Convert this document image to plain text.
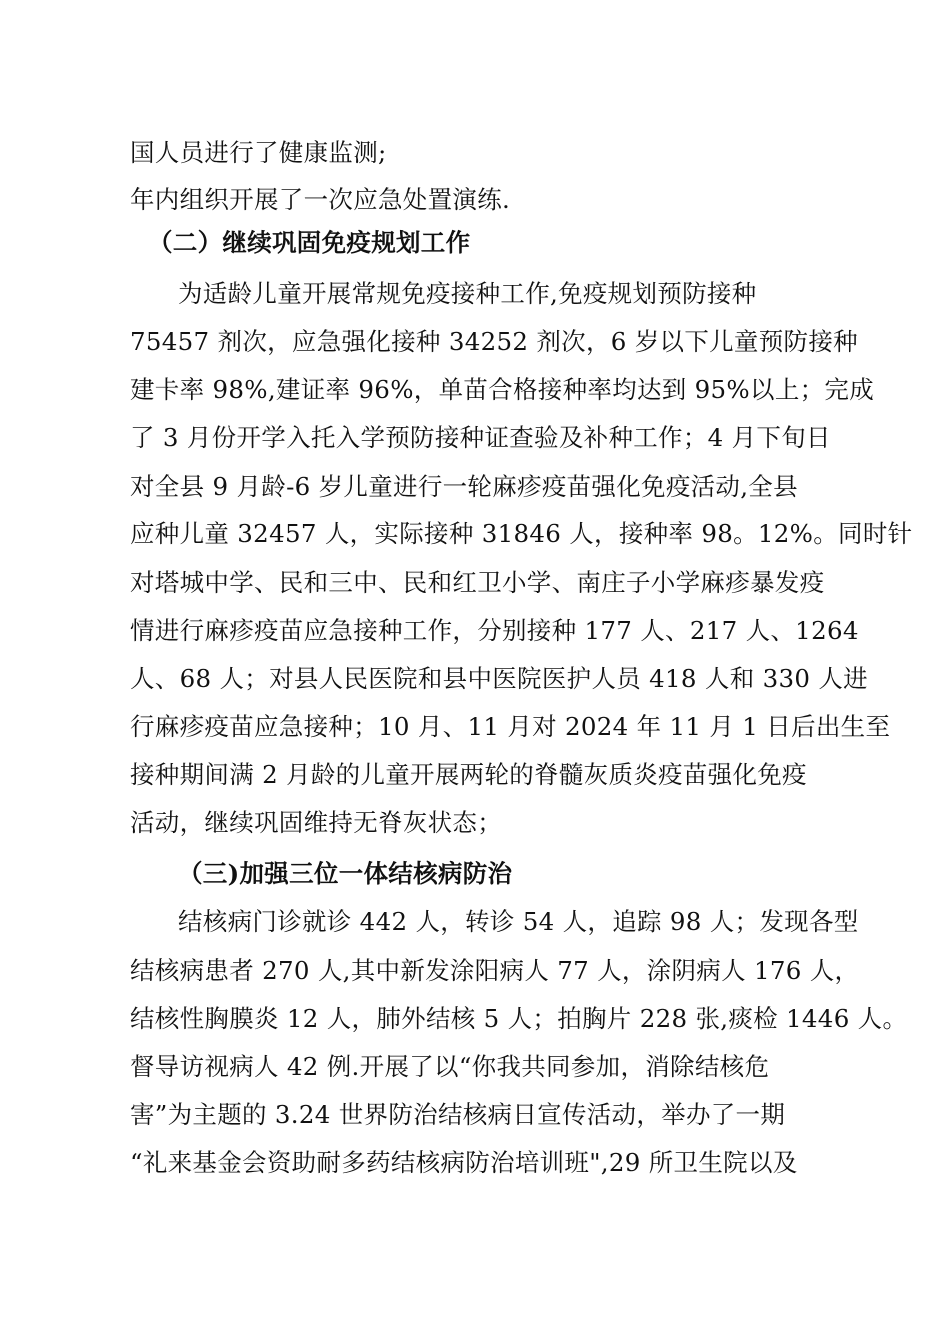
国人员进行了健康监测;
年内组织开展了一次应急处置演练.
（二）继续巩固免疫规划工作
为适龄儿童开展常规免疫接种工作,免疫规划预防接种
75457 剂次，应急强化接种 34252 剂次，6 岁以下儿童预防接种
建卡率 98%,建证率 96%，单苗合格接种率均达到 95%以上；完成
了 3 月份开学入托入学预防接种证查验及补种工作；4 月下旬日
对全县 9 月龄-6 岁儿童进行一轮麻疹疫苗强化免疫活动,全县
应种儿童 32457 人，实际接种 31846 人，接种率 98。12%。同时针
对塔城中学、民和三中、民和红卫小学、南庄子小学麻疹暴发疫
情进行麻疹疫苗应急接种工作，分别接种 177 人、217 人、1264
人、68 人；对县人民医院和县中医院医护人员 418 人和 330 人进
行麻疹疫苗应急接种；10 月、11 月对 2024 年 11 月 1 日后出生至
接种期间满 2 月龄的儿童开展两轮的脊髓灰质炎疫苗强化免疫
活动，继续巩固维持无脊灰状态；
（三)加强三位一体结核病防治
结核病门诊就诊 442 人，转诊 54 人，追踪 98 人；发现各型
结核病患者 270 人,其中新发涂阳病人 77 人，涂阴病人 176 人，
结核性胸膜炎 12 人，肺外结核 5 人；拍胸片 228 张,痰检 1446 人。
督导访视病人 42 例.开展了以“你我共同参加，消除结核危
害”为主题的 3.24 世界防治结核病日宣传活动，举办了一期
“礼来基金会资助耐多药结核病防治培训班",29 所卫生院以及
